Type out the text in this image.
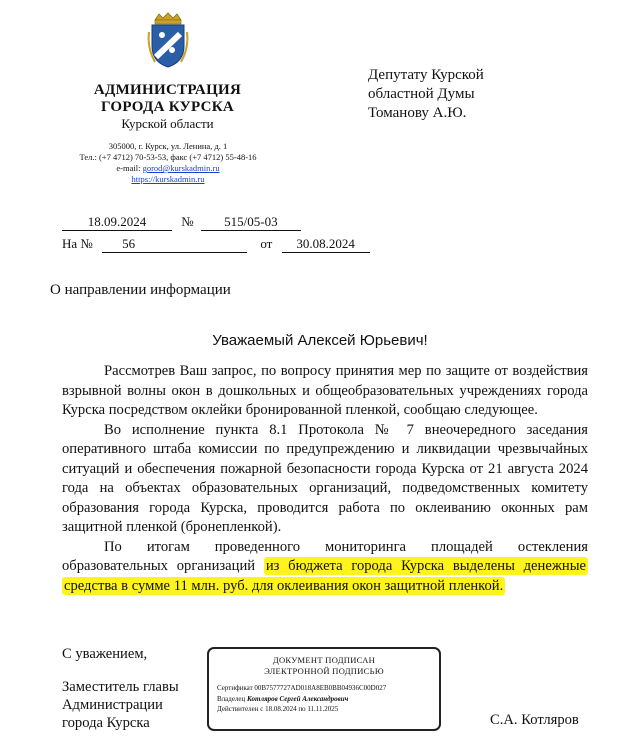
АДМИНИСТРАЦИЯ
ГОРОДА КУРСКА
Курской области
305000, г. Курск, ул. Ленина, д. 1
Тел.: (+7 4712) 70-53-53, факс (+7 4712) 55-48-16
e-mail: gorod@kurskadmin.ru
https://kurskadmin.ru
Депутату Курской
областной Думы
Томанову А.Ю.
18.09.2024	№ 515/05-03
На № 56	от 30.08.2024
О направлении информации
Уважаемый Алексей Юрьевич!

Рассмотрев Ваш запрос, по вопросу принятия мер по защите от воздействия взрывной волны окон в дошкольных и общеобразовательных учреждениях города Курска посредством оклейки бронированной пленкой, сообщаю следующее.

Во исполнение пункта 8.1 Протокола № 7 внеочередного заседания оперативного штаба комиссии по предупреждению и ликвидации чрезвычайных ситуаций и обеспечения пожарной безопасности города Курска от 21 августа 2024 года на объектах образовательных организаций, подведомственных комитету образования города Курска, проводится работа по оклеиванию оконных рам защитной пленкой (бронепленкой).

По итогам проведенного мониторинга площадей остекления образовательных организаций из бюджета города Курска выделены денежные средства в сумме 11 млн. руб. для оклеивания окон защитной пленкой.

С уважением,
Заместитель главы
Администрации
города Курска
ДОКУМЕНТ ПОДПИСАН
ЭЛЕКТРОННОЙ ПОДПИСЬЮ
Сертификат 00B7577727AD018A8EB0BB04936C00D027
Владелец Котляров Сергей Александрович
Действителен с 18.08.2024 по 11.11.2025
С.А. Котляров
